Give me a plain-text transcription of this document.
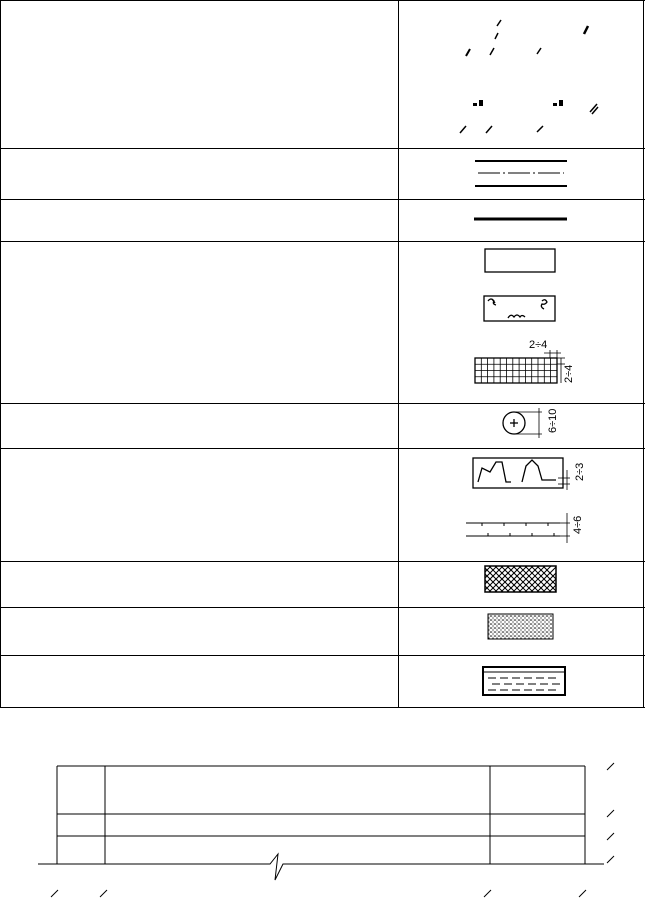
2÷4
2÷4
6÷10
2÷3
4÷6
